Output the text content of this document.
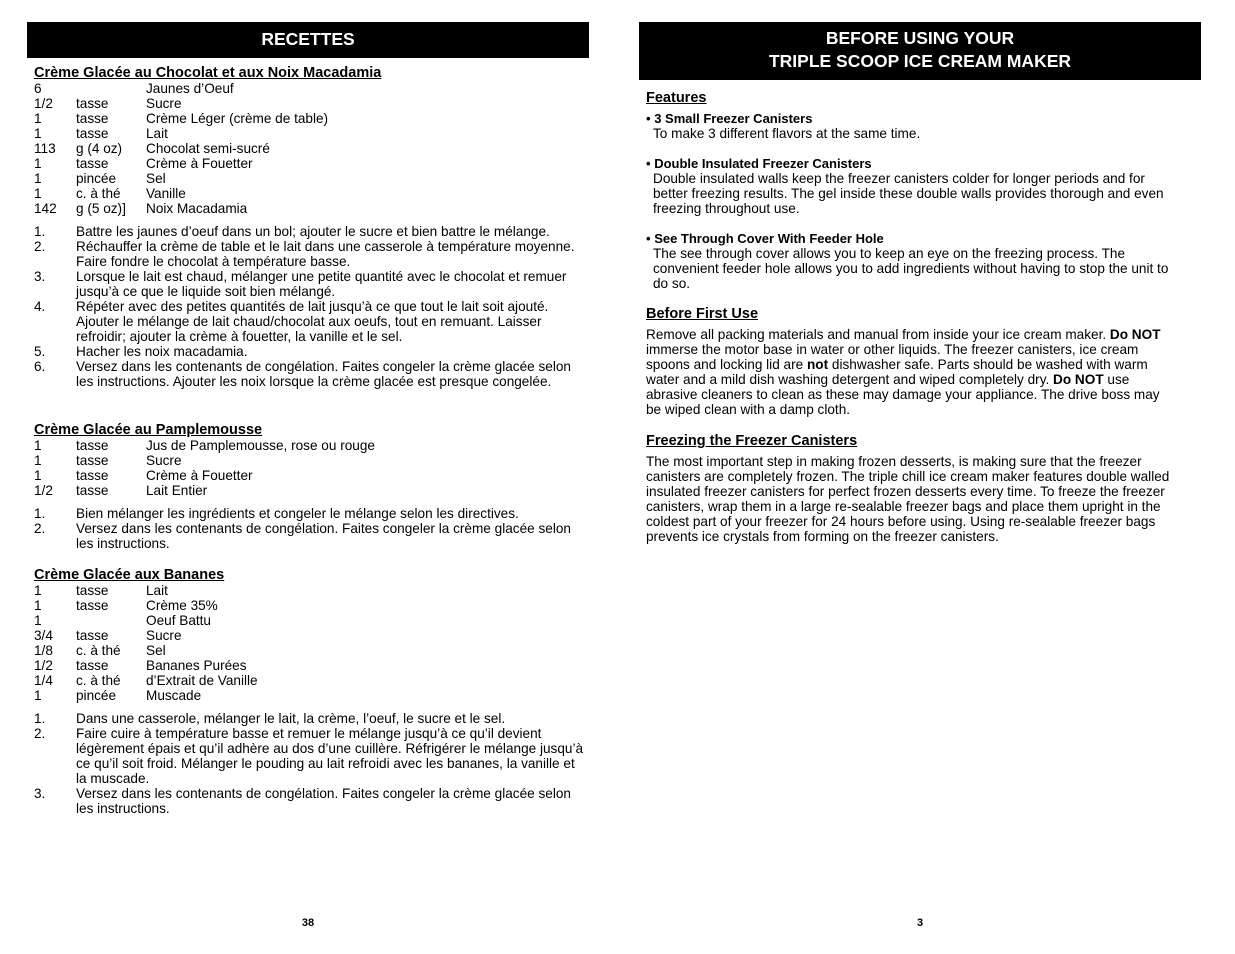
RECETTES
Crème Glacée au Chocolat et aux Noix Macadamia
6	Jaunes d’Oeuf
1/2	tasse	Sucre
1	tasse	Crème Léger (crème de table)
1	tasse	Lait
113	g (4 oz)	Chocolat semi-sucré
1	tasse	Crème à Fouetter
1	pincée	Sel
1	c. à thé	Vanille
142	g (5 oz)]	Noix Macadamia
1.	Battre les jaunes d’oeuf dans un bol; ajouter le sucre et bien battre le mélange.
2.	Réchauffer la crème de table et le lait dans une casserole à température moyenne. Faire fondre le chocolat à température basse.
3.	Lorsque le lait est chaud, mélanger une petite quantité avec le chocolat et remuer jusqu’à ce que le liquide soit bien mélangé.
4.	Répéter avec des petites quantités de lait jusqu’à ce que tout le lait soit ajouté. Ajouter le mélange de lait chaud/chocolat aux oeufs, tout en remuant. Laisser refroidir; ajouter la crème à fouetter, la vanille et le sel.
5.	Hacher les noix macadamia.
6.	Versez dans les contenants de congélation. Faites congeler la crème glacée selon les instructions. Ajouter les noix lorsque la crème glacée est presque congelée.
Crème Glacée au Pamplemousse
1	tasse	Jus de Pamplemousse, rose ou rouge
1	tasse	Sucre
1	tasse	Crème à Fouetter
1/2	tasse	Lait Entier
1.	Bien mélanger les ingrédients et congeler le mélange selon les directives.
2.	Versez dans les contenants de congélation. Faites congeler la crème glacée selon les instructions.
Crème Glacée aux Bananes
1	tasse	Lait
1	tasse	Crème 35%
1	Oeuf Battu
3/4	tasse	Sucre
1/8	c. à thé	Sel
1/2	tasse	Bananes Purées
1/4	c. à thé	d’Extrait de Vanille
1	pincée	Muscade
1.	Dans une casserole, mélanger le lait, la crème, l’oeuf, le sucre et le sel.
2.	Faire cuire à température basse et remuer le mélange jusqu’à ce qu’il devient légèrement épais et qu’il adhère au dos d’une cuillère. Réfrigérer le mélange jusqu’à ce qu’il soit froid. Mélanger le pouding au lait refroidi avec les bananes, la vanille et la muscade.
3.	Versez dans les contenants de congélation. Faites congeler la crème glacée selon les instructions.
38
BEFORE USING YOUR
TRIPLE SCOOP ICE CREAM MAKER
Features
• 3 Small Freezer Canisters
To make 3 different flavors at the same time.
• Double Insulated Freezer Canisters
Double insulated walls keep the freezer canisters colder for longer periods and for better freezing results. The gel inside these double walls provides thorough and even freezing throughout use.
• See Through Cover With Feeder Hole
The see through cover allows you to keep an eye on the freezing process. The convenient feeder hole allows you to add ingredients without having to stop the unit to do so.
Before First Use

Remove all packing materials and manual from inside your ice cream maker. Do NOT immerse the motor base in water or other liquids. The freezer canisters, ice cream spoons and locking lid are not dishwasher safe. Parts should be washed with warm water and a mild dish washing detergent and wiped completely dry. Do NOT use abrasive cleaners to clean as these may damage your appliance. The drive boss may be wiped clean with a damp cloth.

Freezing the Freezer Canisters

The most important step in making frozen desserts, is making sure that the freezer canisters are completely frozen. The triple chill ice cream maker features double walled insulated freezer canisters for perfect frozen desserts every time. To freeze the freezer canisters, wrap them in a large re-sealable freezer bags and place them upright in the coldest part of your freezer for 24 hours before using. Using re-sealable freezer bags prevents ice crystals from forming on the freezer canisters.

3
